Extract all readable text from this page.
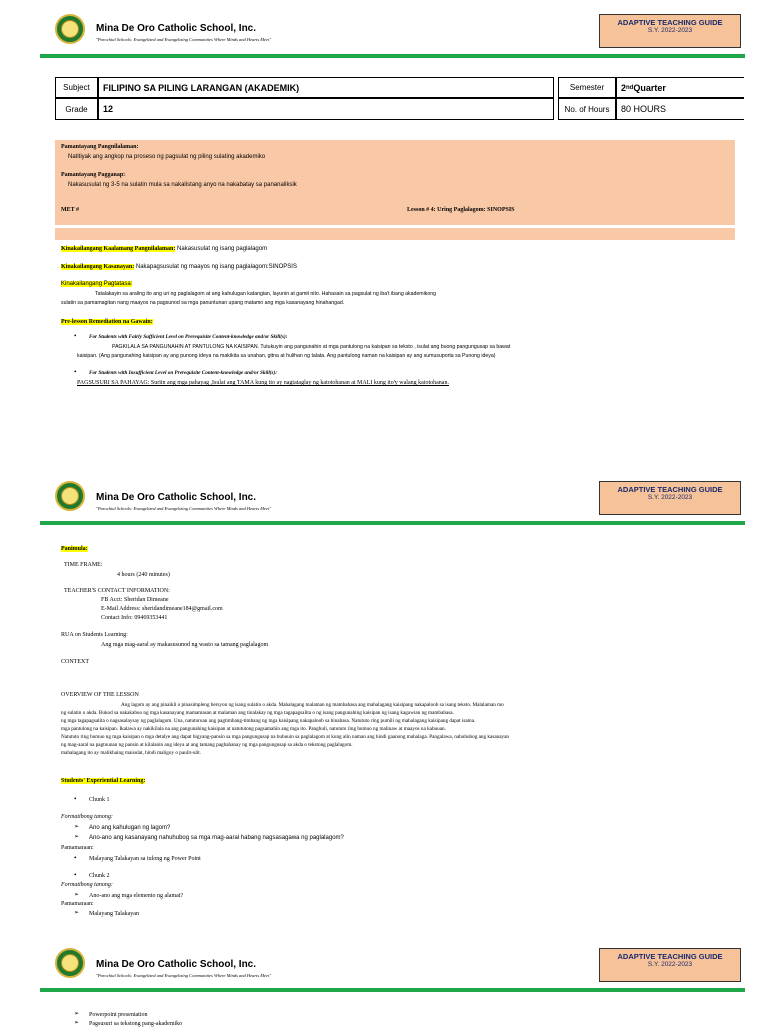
Mina De Oro Catholic School, Inc.
"Parochial Schools: Evangelized and Evangelizing Communities Where Minds and Hearts Meet"
ADAPTIVE TEACHING GUIDE
S.Y. 2022-2023
Subject	FILIPINO SA PILING LARANGAN (AKADEMIK)	Semester	2 nd Quarter
Grade	12	No. of Hours	80 HOURS
Pamantayang Pangnilalaman:
Natitiyak ang angkop na proseso ng pagsulat ng piling sulating akademiko
Pamantayang Pagganap:
Nakasusulat ng 3-5 na sulatin mula sa nakalistang anyo na nakabatay sa pananaliksik
MET #	Lesson # 4: Uring Paglalagom: SINOPSIS
Kinakailangang Kaalamang Pangnilalaman: Nakasusulat ng isang paglalagom
Kinakailangang Kasanayan: Nakapagsusulat ng maayos ng isang paglalagom:SINOPSIS
Kinakailangang Pagtatasa:
Tatalakayin sa araling ito ang uri ng paglalagom at ang kahulugan katangian, layunin at gamit nito. Hahasain sa pagsulat ng iba't ibang akademikong
sulatin sa pamamagitan nang maayos na pagsunod sa mga panuntunan upang matamo ang mga kasanayang hinahangad.
Pre-lesson Remediation na Gawain:
• For Students with Fairly Sufficient Level on Prerequisite Content-knowledge and/or Skill(s):
PAGKILALA SA PANGUNAHIN AT PANTULONG NA KAISIPAN. Tutukuyin ang pangunahin at mga pantulong na kaisipan sa teksto , isulat ang buong pangungusap sa bawat
kaisipan. (Ang pangunahing kaisipan ay ang punong ideya na makikita sa unahan, gitna at hulihan ng talata. Ang pantulong naman na kaisipan ay ang sumusuporta sa Punong ideya)
• For Students with Insufficient Level on Prerequisite Content-knowledge and/or Skill(s):
PAGSUSURI SA PAHAYAG: Suriin ang mga pahayag ,Isulat ang TAMA kung ito ay nagtataglay ng katotohanan at MALI kung ito'y walang katotohanan.
Mina De Oro Catholic School, Inc.
"Parochial Schools: Evangelized and Evangelizing Communities Where Minds and Hearts Meet"
ADAPTIVE TEACHING GUIDE
S.Y. 2022-2023
Panimula:
TIME FRAME:
4 hours (240 minutes)
TEACHER'S CONTACT INFORMATION:
FB Acct: Sheridan Dimeane
E-Mail Address: sheridandimeane184@gmail.com
Contact Info: 09469353441
RUA on Students Learning:
Ang mga mag-aaral ay makasusunod ng wasto sa tamang paglalagom
CONTEXT
OVERVIEW OF THE LESSON
Ang lagom ay ang pinaikli o pinasimpleng bersyon ng isang sulatin o akda. Mahalagang malaman ng mambabasa ang mahalagang kaisipang nakapaloob sa isang teksto. Malalaman mo
ng sulatin o akda. Bukod sa nakakabuo ng mga kasanayang mamamasan at malaman ang tinalakay ng mga tagapagsalita o ng isang pangunahing kaisipan ng isang kagawian ng mambabasa.
ng mga tagapagsalita o nagsasalaysay ng paglalagom. Una, natuturuan ang pagtimbang-timbang ng mga kaisipang nakapaloob sa binabasa. Natututo ring pumili ng mahalagang kaisipang dapat isama.
mga pantulong na kaisipan. Ikalawa ay nakikilala na ang pangunahing kaisipan at natututong pagsamahin ang mga ito. Panghuli, natututo ring bumuo ng malinaw at maayos na kabuuan.
Natututo ring bumuo ng mga kaisipan o mga detalye ang dapat bigyang-pansin sa mga pangungusap na bubuuin sa paglalagom at kung alin naman ang hindi gaanong mahalaga. Pangalawa, nahuhubog ang kasanayan
ng mag-aaral na pagtuunan ng pansin at kilalanin ang ideya at ang tamang paghahanay ng mga pangungusap sa akda o tekstong paglalagom.
mahalagang ito ay malikhaing maisulat, hindi maligoy o paulit-ulit.
Students' Experiential Learning:
• Chunk 1
Formatibong tanong:
➢ Ano ang kahulugan ng lagom?
➢ Ano-ano ang kasanayang nahuhubog sa mga mag-aaral habang nagsasagawa ng paglalagom?
Pamamaraan:
• Malayang Talakayan sa tulong ng Power Point
• Chunk 2
Formatibong tanong:
➢ Ano-ano ang mga elemento ng alamat?
Pamamaraan:
➢ Malayang Talakayan
Mina De Oro Catholic School, Inc.
"Parochial Schools: Evangelized and Evangelizing Communities Where Minds and Hearts Meet"
ADAPTIVE TEACHING GUIDE
S.Y. 2022-2023
➢ Powerpoint presentation
➢ Pagsusuri sa tekstong pang-akademiko
